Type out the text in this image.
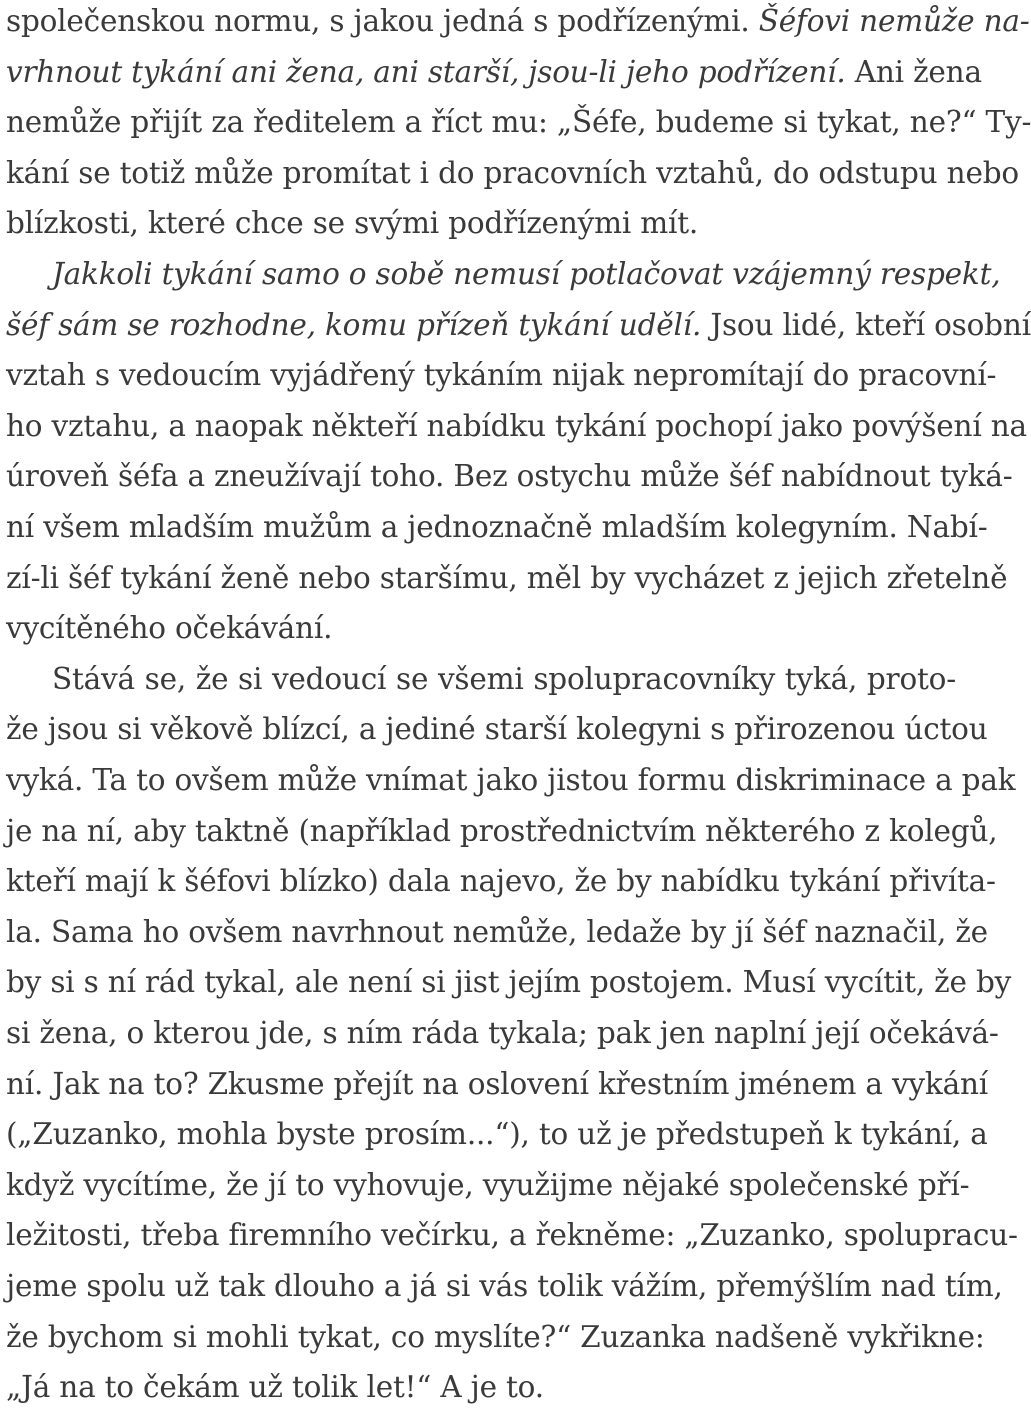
společenskou normu, s jakou jedná s podřízenými. Šéfovi nemůže na-
vrhnout tykání ani žena, ani starší, jsou-li jeho podřízení. Ani žena
nemůže přijít za ředitelem a říct mu: „Šéfe, budeme si tykat, ne?“ Ty-
kání se totiž může promítat i do pracovních vztahů, do odstupu nebo
blízkosti, které chce se svými podřízenými mít.
Jakkoli tykání samo o sobě nemusí potlačovat vzájemný respekt,
šéf sám se rozhodne, komu přízeň tykání udělí. Jsou lidé, kteří osobní
vztah s vedoucím vyjádřený tykáním nijak nepromítají do pracovní-
ho vztahu, a naopak někteří nabídku tykání pochopí jako povýšení na
úroveň šéfa a zneužívají toho. Bez ostychu může šéf nabídnout tyká-
ní všem mladším mužům a jednoznačně mladším kolegyním. Nabí-
zí-li šéf tykání ženě nebo staršímu, měl by vycházet z jejich zřetelně
vycítěného očekávání.
Stává se, že si vedoucí se všemi spolupracovníky tyká, proto-
že jsou si věkově blízcí, a jediné starší kolegyni s přirozenou úctou
vyká. Ta to ovšem může vnímat jako jistou formu diskriminace a pak
je na ní, aby taktně (například prostřednictvím některého z kolegů,
kteří mají k šéfovi blízko) dala najevo, že by nabídku tykání přivíta-
la. Sama ho ovšem navrhnout nemůže, ledaže by jí šéf naznačil, že
by si s ní rád tykal, ale není si jist jejím postojem. Musí vycítit, že by
si žena, o kterou jde, s ním ráda tykala; pak jen naplní její očekává-
ní. Jak na to? Zkusme přejít na oslovení křestním jménem a vykání
(„Zuzanko, mohla byste prosím...“), to už je předstupeň k tykání, a
když vycítíme, že jí to vyhovuje, využijme nějaké společenské pří-
ležitosti, třeba firemního večírku, a řekněme: „Zuzanko, spolupracu-
jeme spolu už tak dlouho a já si vás tolik vážím, přemýšlím nad tím,
že bychom si mohli tykat, co myslíte?“ Zuzanka nadšeně vykřikne:
„Já na to čekám už tolik let!“ A je to.
